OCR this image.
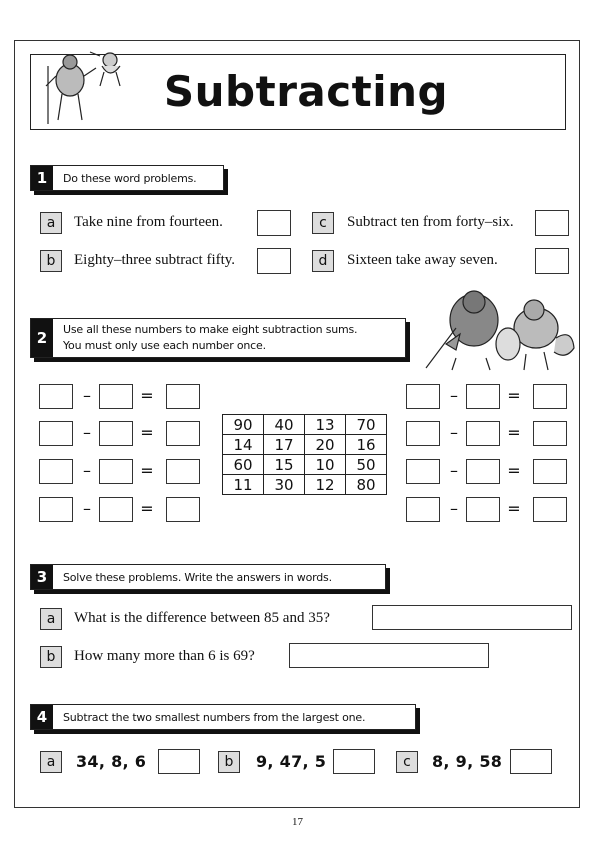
Subtracting
1	Do these word problems.
a	Take nine from fourteen.
b	Eighty–three subtract fifty.
c	Subtract ten from forty–six.
d	Sixteen take away seven.
2	Use all these numbers to make eight subtraction sums.
You must only use each number once.
–	=
–	=
–	=
–	=
90	40	13	70
14	17	20	16
60	15	10	50
11	30	12	80
–	=
–	=
–	=
–	=
3	Solve these problems. Write the answers in words.
a	What is the difference between 85 and 35?
b	How many more than 6 is 69?
4	Subtract the two smallest numbers from the largest one.
a	34, 8, 6	b	9, 47, 5	c	8, 9, 58
17
